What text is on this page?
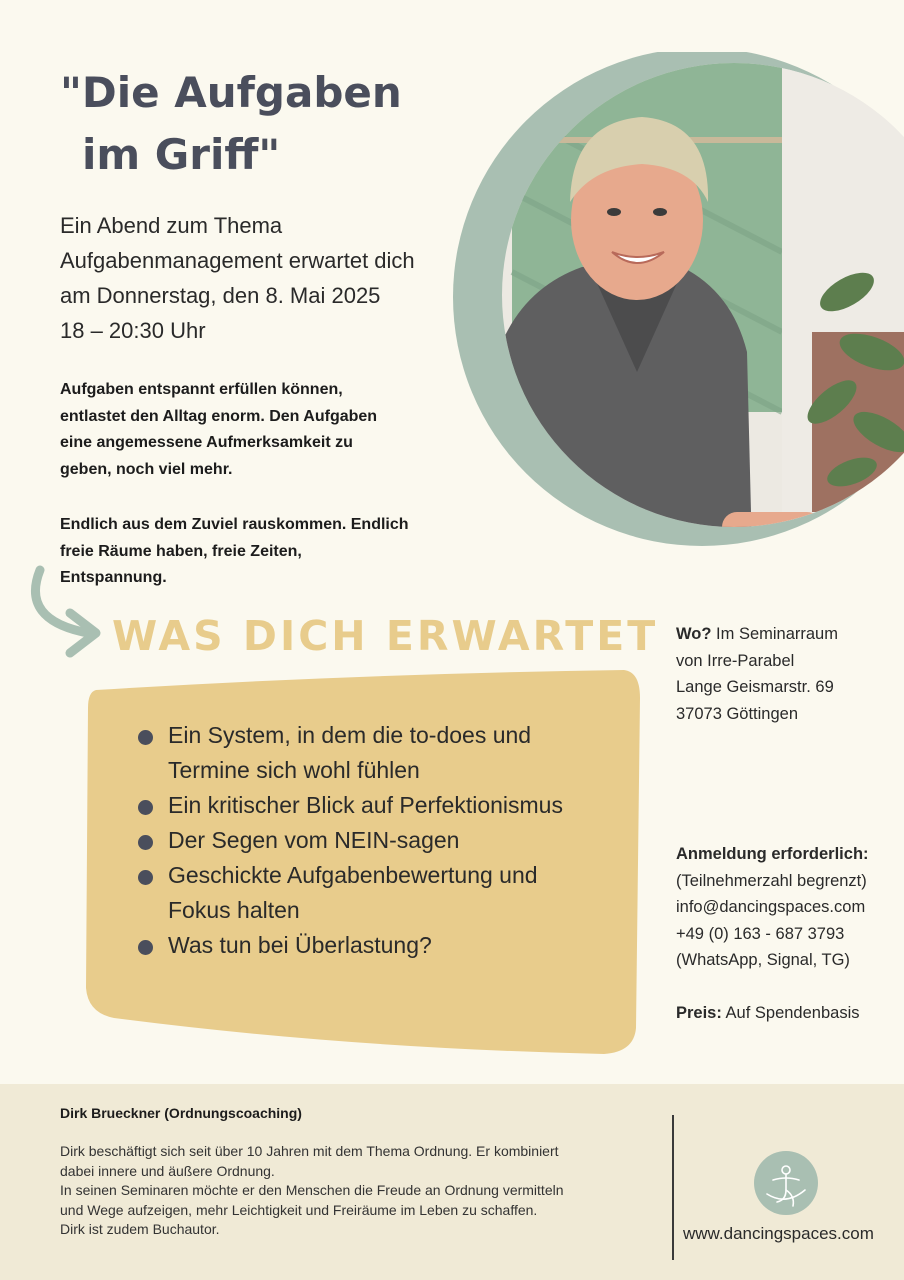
"Die Aufgaben
im Griff"
Ein Abend zum Thema
Aufgabenmanagement erwartet dich
am Donnerstag, den 8. Mai 2025
18 – 20:30 Uhr
Aufgaben entspannt erfüllen können,
entlastet den Alltag enorm. Den Aufgaben
eine angemessene Aufmerksamkeit zu
geben, noch viel mehr.
Endlich aus dem Zuviel rauskommen. Endlich
freie Räume haben, freie Zeiten,
Entspannung.
WAS DICH ERWARTET
Ein System, in dem die to-does und
Termine sich wohl fühlen
Ein kritischer Blick auf Perfektionismus
Der Segen vom NEIN-sagen
Geschickte Aufgabenbewertung und
Fokus halten
Was tun bei Überlastung?
Wo? Im Seminarraum
von Irre-Parabel
Lange Geismarstr. 69
37073 Göttingen
Anmeldung erforderlich:
(Teilnehmerzahl begrenzt)
info@dancingspaces.com
+49 (0) 163 - 687 3793
(WhatsApp, Signal, TG)
Preis: Auf Spendenbasis
Dirk Brueckner (Ordnungscoaching)
Dirk beschäftigt sich seit über 10 Jahren mit dem Thema Ordnung. Er kombiniert
dabei innere und äußere Ordnung.
In seinen Seminaren möchte er den Menschen die Freude an Ordnung vermitteln
und Wege aufzeigen, mehr Leichtigkeit und Freiräume im Leben zu schaffen.
Dirk ist zudem Buchautor.	www.dancingspaces.com
